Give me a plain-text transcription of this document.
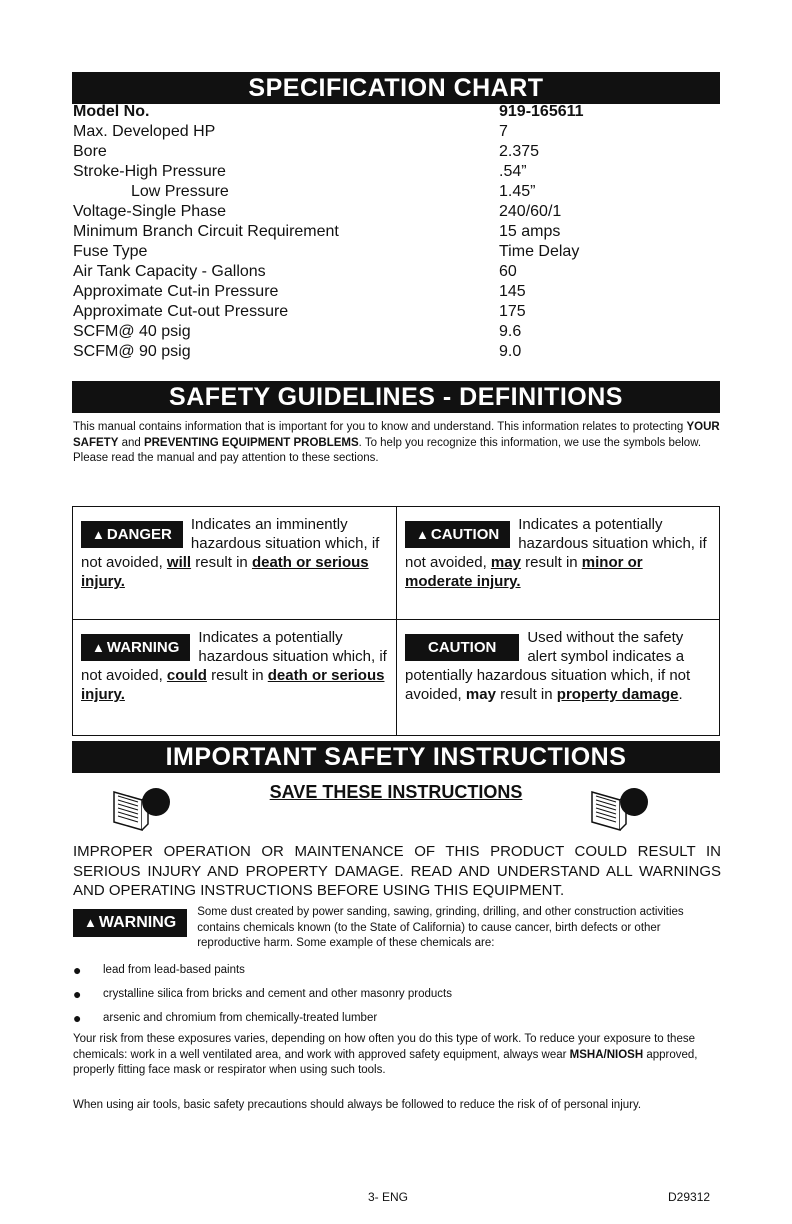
SPECIFICATION CHART
Model No.	919-165611
Max. Developed HP	7
Bore	2.375
Stroke-High Pressure	.54”
Low Pressure	1.45”
Voltage-Single Phase	240/60/1
Minimum Branch Circuit Requirement	15 amps
Fuse Type	Time Delay
Air Tank Capacity - Gallons	60
Approximate Cut-in Pressure	145
Approximate Cut-out Pressure	175
SCFM@ 40 psig	9.6
SCFM@ 90 psig	9.0
SAFETY GUIDELINES - DEFINITIONS
This manual contains information that is important for you to know and understand. This information relates to protecting YOUR SAFETY and PREVENTING EQUIPMENT PROBLEMS. To help you recognize this information, we use the symbols below. Please read the manual and pay attention to these sections.
▲ DANGER
Indicates an imminently hazardous situation which, if not avoided, will result in death or serious injury.
▲ CAUTION
Indicates a potentially hazardous situation which, if not avoided, may result in minor or moderate injury.
▲ WARNING
Indicates a potentially hazardous situation which, if not avoided, could result in death or serious injury.
CAUTION
Used without the safety alert symbol indicates a potentially hazardous situation which, if not avoided, may result in property damage.
IMPORTANT SAFETY INSTRUCTIONS
SAVE THESE INSTRUCTIONS
IMPROPER OPERATION OR MAINTENANCE OF THIS PRODUCT COULD RESULT IN SERIOUS INJURY AND PROPERTY DAMAGE. READ AND UNDERSTAND ALL WARNINGS AND OPERATING INSTRUCTIONS BEFORE USING THIS EQUIPMENT.
▲ WARNING
Some dust created by power sanding, sawing, grinding, drilling, and other construction activities contains chemicals known (to the State of California) to cause cancer, birth defects or other reproductive harm. Some example of these chemicals are:
●	lead from lead-based paints
●	crystalline silica from bricks and cement and other masonry products
●	arsenic and chromium from chemically-treated lumber
Your risk from these exposures varies, depending on how often you do this type of work. To reduce your exposure to these chemicals: work in a well ventilated area, and work with approved safety equipment, always wear MSHA/NIOSH approved, properly fitting face mask or respirator when using such tools.
When using air tools, basic safety precautions should always be followed to reduce the risk of of personal injury.
3- ENG	D29312
